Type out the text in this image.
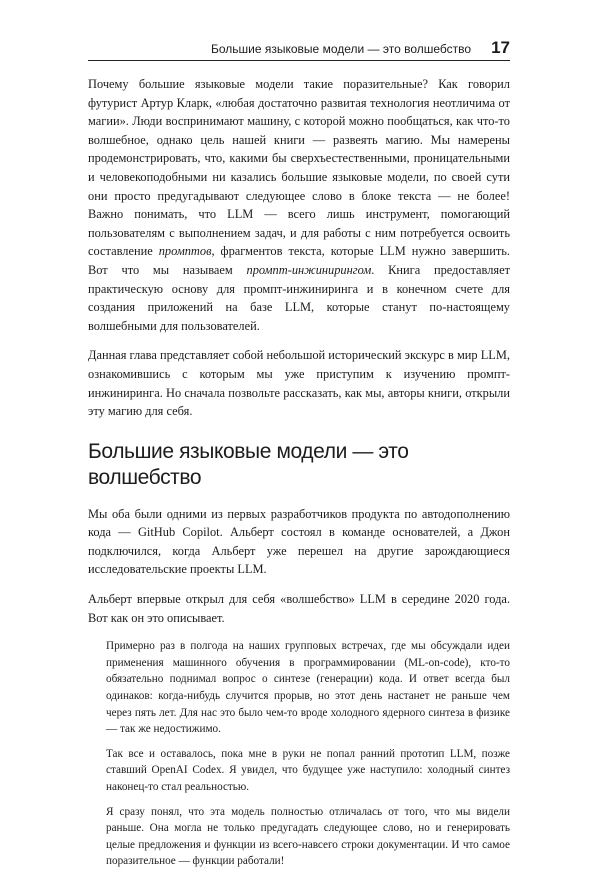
Большие языковые модели — это волшебство 17

Почему большие языковые модели такие поразительные? Как говорил футурист Артур Кларк, «любая достаточно развитая технология неотличима от магии». Люди воспринимают машину, с которой можно пообщаться, как что-то волшебное, однако цель нашей книги — развеять магию. Мы намерены продемонстрировать, что, какими бы сверхъестественными, проницательными и человекоподобными ни казались большие языковые модели, по своей сути они просто предугадывают следующее слово в блоке текста — не более! Важно понимать, что LLM — всего лишь инструмент, помогающий пользователям с выполнением задач, и для работы с ним потребуется освоить составление промптов, фрагментов текста, которые LLM нужно завершить. Вот что мы называем промпт-инжинирингом. Книга предоставляет практическую основу для промпт-инжиниринга и в конечном счете для создания приложений на базе LLM, которые станут по-настоящему волшебными для пользователей.

Данная глава представляет собой небольшой исторический экскурс в мир LLM, ознакомившись с которым мы уже приступим к изучению промпт-инжиниринга. Но сначала позвольте рассказать, как мы, авторы книги, открыли эту магию для себя.

Большие языковые модели — это волшебство

Мы оба были одними из первых разработчиков продукта по автодополнению кода — GitHub Copilot. Альберт состоял в команде основателей, а Джон подключился, когда Альберт уже перешел на другие зарождающиеся исследовательские проекты LLM.

Альберт впервые открыл для себя «волшебство» LLM в середине 2020 года. Вот как он это описывает.

Примерно раз в полгода на наших групповых встречах, где мы обсуждали идеи применения машинного обучения в программировании (ML-on-code), кто-то обязательно поднимал вопрос о синтезе (генерации) кода. И ответ всегда был одинаков: когда-нибудь случится прорыв, но этот день настанет не раньше чем через пять лет. Для нас это было чем-то вроде холодного ядерного синтеза в физике — так же недостижимо.

Так все и оставалось, пока мне в руки не попал ранний прототип LLM, позже ставший OpenAI Codex. Я увидел, что будущее уже наступило: холодный синтез наконец-то стал реальностью.

Я сразу понял, что эта модель полностью отличалась от того, что мы видели раньше. Она могла не только предугадать следующее слово, но и генерировать целые предложения и функции из всего-навсего строки документации. И что самое поразительное — функции работали!
